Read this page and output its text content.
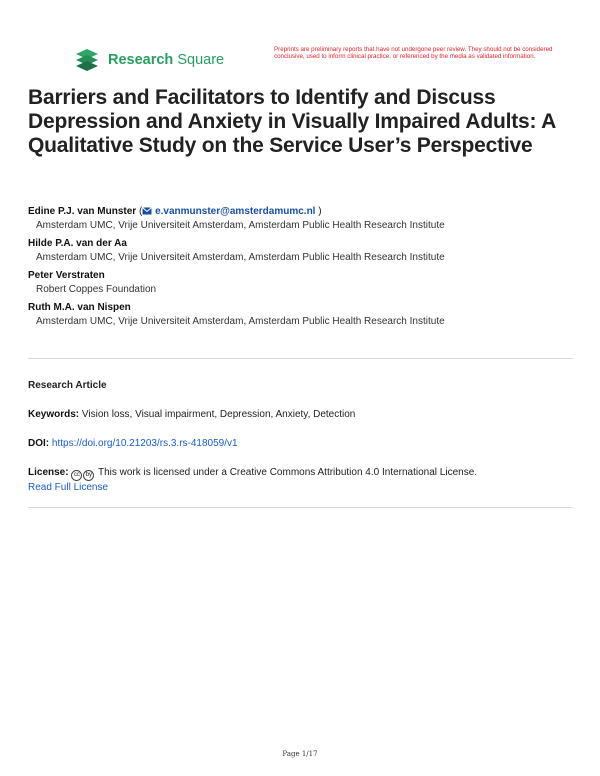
Research Square
Preprints are preliminary reports that have not undergone peer review. They should not be considered conclusive, used to inform clinical practice, or referenced by the media as validated information.
Barriers and Facilitators to Identify and Discuss Depression and Anxiety in Visually Impaired Adults: A Qualitative Study on the Service User’s Perspective
Edine P.J. van Munster ( e.vanmunster@amsterdamumc.nl )
Amsterdam UMC, Vrije Universiteit Amsterdam, Amsterdam Public Health Research Institute
Hilde P.A. van der Aa
Amsterdam UMC, Vrije Universiteit Amsterdam, Amsterdam Public Health Research Institute
Peter Verstraten
Robert Coppes Foundation
Ruth M.A. van Nispen
Amsterdam UMC, Vrije Universiteit Amsterdam, Amsterdam Public Health Research Institute
Research Article
Keywords: Vision loss, Visual impairment, Depression, Anxiety, Detection
DOI: https://doi.org/10.21203/rs.3.rs-418059/v1
License: cc by This work is licensed under a Creative Commons Attribution 4.0 International License.
Read Full License
Page 1/17
